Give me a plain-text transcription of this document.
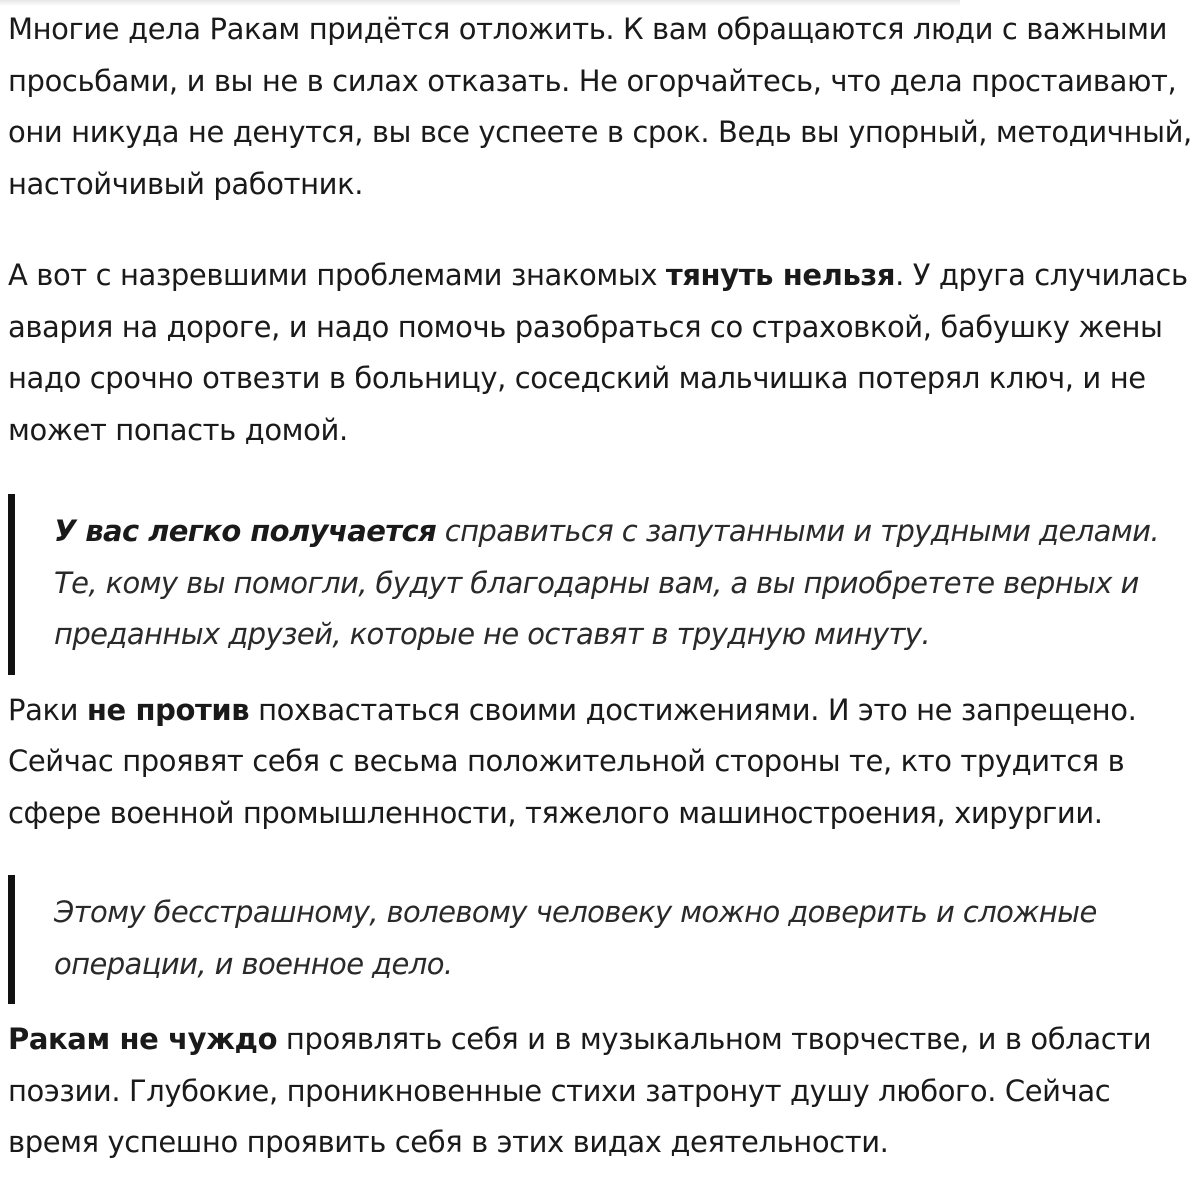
Многие дела Ракам придётся отложить. К вам обращаются люди с важными просьбами, и вы не в силах отказать. Не огорчайтесь, что дела простаивают, они никуда не денутся, вы все успеете в срок. Ведь вы упорный, методичный, настойчивый работник.

А вот с назревшими проблемами знакомых тянуть нельзя. У друга случилась авария на дороге, и надо помочь разобраться со страховкой, бабушку жены надо срочно отвезти в больницу, соседский мальчишка потерял ключ, и не может попасть домой.

У вас легко получается справиться с запутанными и трудными делами. Те, кому вы помогли, будут благодарны вам, а вы приобретете верных и преданных друзей, которые не оставят в трудную минуту.

Раки не против похвастаться своими достижениями. И это не запрещено. Сейчас проявят себя с весьма положительной стороны те, кто трудится в сфере военной промышленности, тяжелого машиностроения, хирургии.

Этому бесстрашному, волевому человеку можно доверить и сложные операции, и военное дело.

Ракам не чуждо проявлять себя и в музыкальном творчестве, и в области поэзии. Глубокие, проникновенные стихи затронут душу любого. Сейчас время успешно проявить себя в этих видах деятельности.
